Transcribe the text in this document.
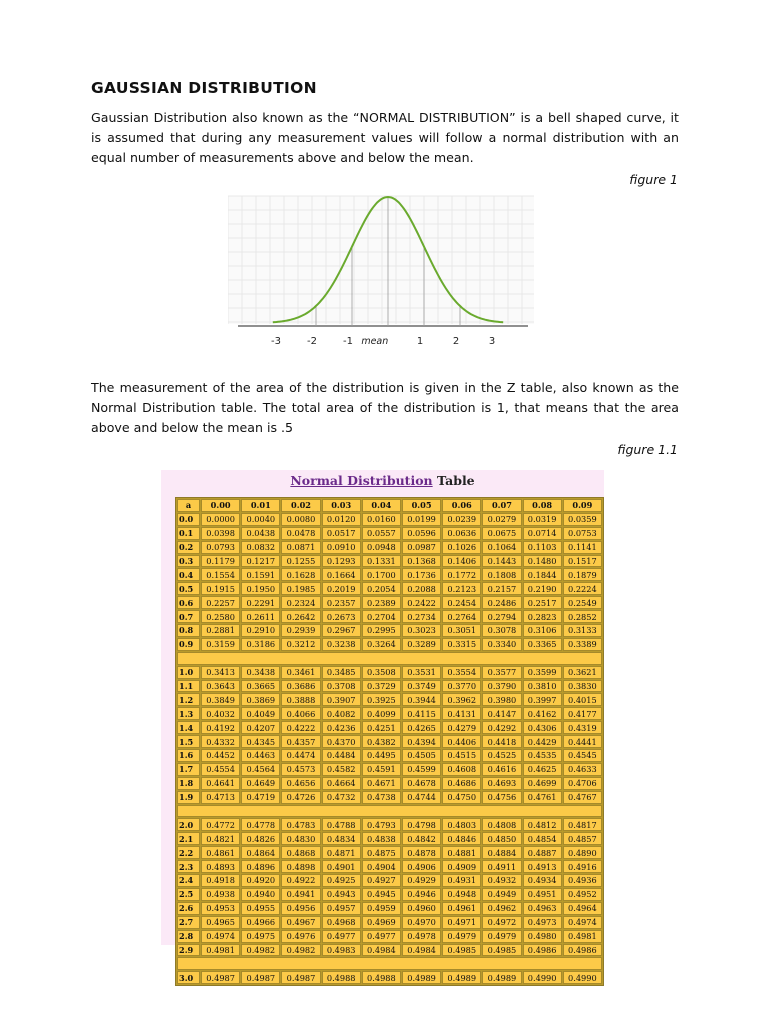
GAUSSIAN DISTRIBUTION

Gaussian Distribution also known as the “NORMAL DISTRIBUTION” is a bell shaped curve, it is assumed that during any measurement values will follow a normal distribution with an equal number of measurements above and below the mean.

figure 1
-3	-2	-1 mean	1	2	3

The measurement of the area of the distribution is given in the Z table, also known as the Normal Distribution table. The total area of the distribution is 1, that means that the area above and below the mean is .5

figure 1.1
Normal Distribution Table
a	0.00	0.01	0.02	0.03	0.04	0.05	0.06	0.07	0.08	0.09
0.0	0.0000	0.0040	0.0080	0.0120	0.0160	0.0199	0.0239	0.0279	0.0319	0.0359
0.1	0.0398	0.0438	0.0478	0.0517	0.0557	0.0596	0.0636	0.0675	0.0714	0.0753
0.2	0.0793	0.0832	0.0871	0.0910	0.0948	0.0987	0.1026	0.1064	0.1103	0.1141
0.3	0.1179	0.1217	0.1255	0.1293	0.1331	0.1368	0.1406	0.1443	0.1480	0.1517
0.4	0.1554	0.1591	0.1628	0.1664	0.1700	0.1736	0.1772	0.1808	0.1844	0.1879
0.5	0.1915	0.1950	0.1985	0.2019	0.2054	0.2088	0.2123	0.2157	0.2190	0.2224
0.6	0.2257	0.2291	0.2324	0.2357	0.2389	0.2422	0.2454	0.2486	0.2517	0.2549
0.7	0.2580	0.2611	0.2642	0.2673	0.2704	0.2734	0.2764	0.2794	0.2823	0.2852
0.8	0.2881	0.2910	0.2939	0.2967	0.2995	0.3023	0.3051	0.3078	0.3106	0.3133
0.9	0.3159	0.3186	0.3212	0.3238	0.3264	0.3289	0.3315	0.3340	0.3365	0.3389

1.0	0.3413	0.3438	0.3461	0.3485	0.3508	0.3531	0.3554	0.3577	0.3599	0.3621
1.1	0.3643	0.3665	0.3686	0.3708	0.3729	0.3749	0.3770	0.3790	0.3810	0.3830
1.2	0.3849	0.3869	0.3888	0.3907	0.3925	0.3944	0.3962	0.3980	0.3997	0.4015
1.3	0.4032	0.4049	0.4066	0.4082	0.4099	0.4115	0.4131	0.4147	0.4162	0.4177
1.4	0.4192	0.4207	0.4222	0.4236	0.4251	0.4265	0.4279	0.4292	0.4306	0.4319
1.5	0.4332	0.4345	0.4357	0.4370	0.4382	0.4394	0.4406	0.4418	0.4429	0.4441
1.6	0.4452	0.4463	0.4474	0.4484	0.4495	0.4505	0.4515	0.4525	0.4535	0.4545
1.7	0.4554	0.4564	0.4573	0.4582	0.4591	0.4599	0.4608	0.4616	0.4625	0.4633
1.8	0.4641	0.4649	0.4656	0.4664	0.4671	0.4678	0.4686	0.4693	0.4699	0.4706
1.9	0.4713	0.4719	0.4726	0.4732	0.4738	0.4744	0.4750	0.4756	0.4761	0.4767

2.0	0.4772	0.4778	0.4783	0.4788	0.4793	0.4798	0.4803	0.4808	0.4812	0.4817
2.1	0.4821	0.4826	0.4830	0.4834	0.4838	0.4842	0.4846	0.4850	0.4854	0.4857
2.2	0.4861	0.4864	0.4868	0.4871	0.4875	0.4878	0.4881	0.4884	0.4887	0.4890
2.3	0.4893	0.4896	0.4898	0.4901	0.4904	0.4906	0.4909	0.4911	0.4913	0.4916
2.4	0.4918	0.4920	0.4922	0.4925	0.4927	0.4929	0.4931	0.4932	0.4934	0.4936
2.5	0.4938	0.4940	0.4941	0.4943	0.4945	0.4946	0.4948	0.4949	0.4951	0.4952
2.6	0.4953	0.4955	0.4956	0.4957	0.4959	0.4960	0.4961	0.4962	0.4963	0.4964
2.7	0.4965	0.4966	0.4967	0.4968	0.4969	0.4970	0.4971	0.4972	0.4973	0.4974
2.8	0.4974	0.4975	0.4976	0.4977	0.4977	0.4978	0.4979	0.4979	0.4980	0.4981
2.9	0.4981	0.4982	0.4982	0.4983	0.4984	0.4984	0.4985	0.4985	0.4986	0.4986

3.0	0.4987	0.4987	0.4987	0.4988	0.4988	0.4989	0.4989	0.4989	0.4990	0.4990
